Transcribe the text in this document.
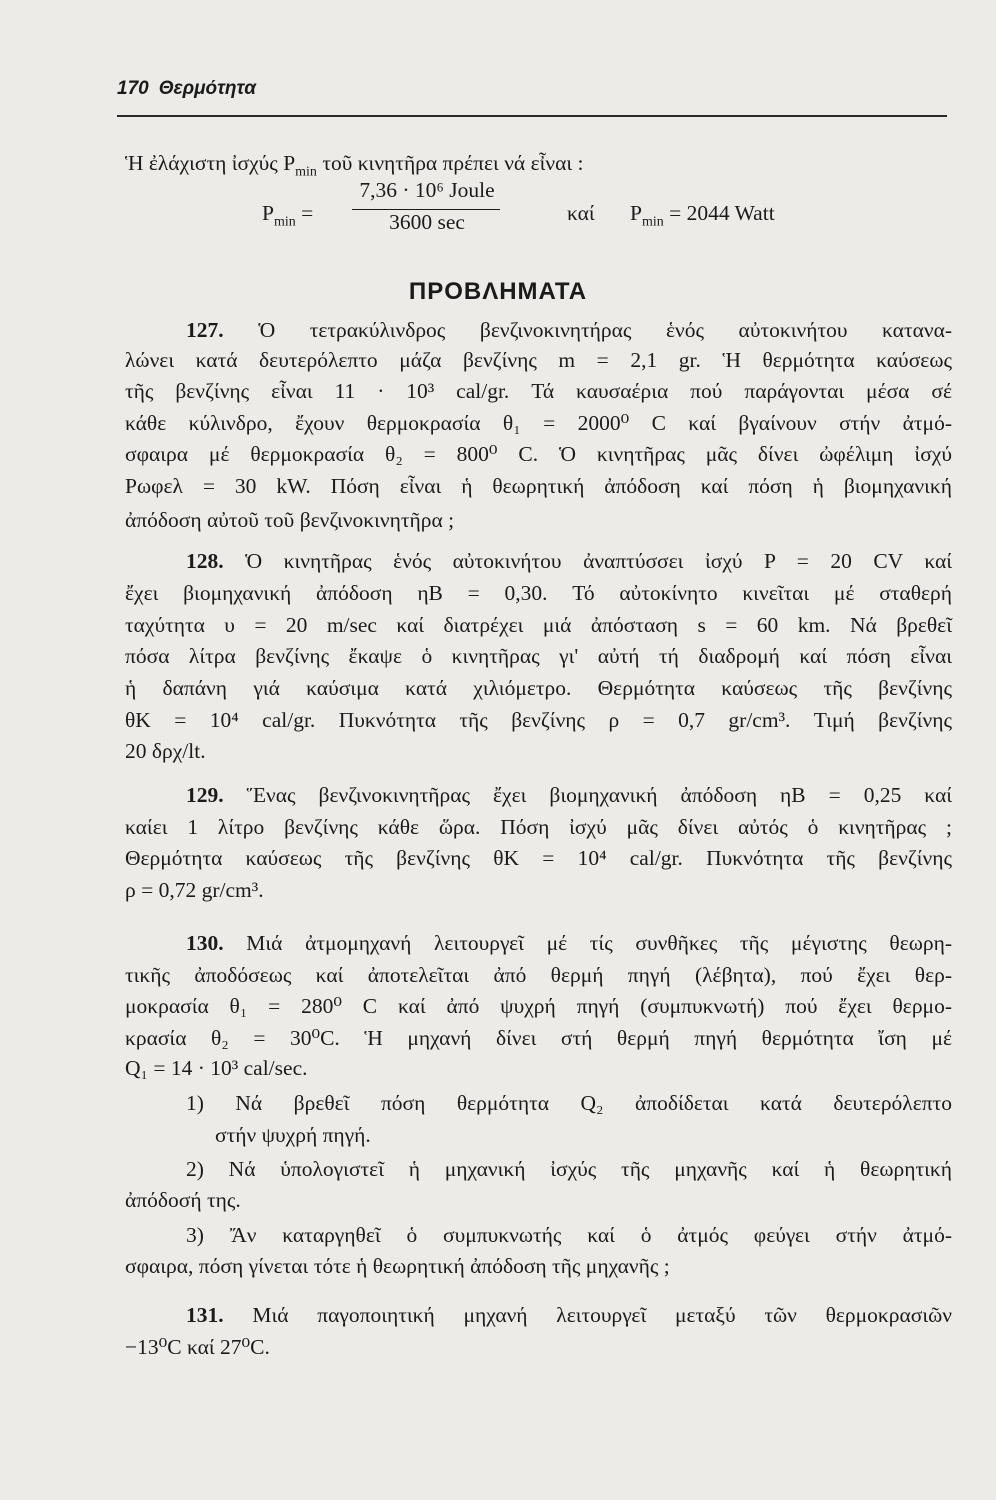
170 Θερμότητα
Ἡ ἐλάχιστη ἰσχύς $P_{min}$ τοῦ κινητῆρα πρέπει νά εἶναι :
$P_{min}$ =
7,36 · 10⁶ Joule
3600 sec	καί $P_{min} = 2044$ Watt
ΠΡΟΒΛΗΜΑΤΑ
127. Ὁ τετρακύλινδρος βενζινοκινητήρας ἑνός αὐτοκινήτου κατανα-
λώνει κατά δευτερόλεπτο μάζα βενζίνης m = 2,1 gr. Ἡ θερμότητα καύσεως
τῆς βενζίνης εἶναι 11 · 10³ cal/gr. Τά καυσαέρια πού παράγονται μέσα σέ
κάθε κύλινδρο, ἔχουν θερμοκρασία θ₁ = 2000⁰ C καί βγαίνουν στήν ἀτμό-
σφαιρα μέ θερμοκρασία θ₂ = 800⁰ C. Ὁ κινητῆρας μᾶς δίνει ὠφέλιμη ἰσχύ
Pωφελ = 30 kW. Πόση εἶναι ἡ θεωρητική ἀπόδοση καί πόση ἡ βιομηχανική
ἀπόδοση αὐτοῦ τοῦ βενζινοκινητῆρα ;
128. Ὁ κινητῆρας ἑνός αὐτοκινήτου ἀναπτύσσει ἰσχύ P = 20 CV καί
ἔχει βιομηχανική ἀπόδοση ηB = 0,30. Τό αὐτοκίνητο κινεῖται μέ σταθερή
ταχύτητα υ = 20 m/sec καί διατρέχει μιά ἀπόσταση s = 60 km. Νά βρεθεῖ
πόσα λίτρα βενζίνης ἔκαψε ὁ κινητῆρας γι' αὐτή τή διαδρομή καί πόση εἶναι
ἡ δαπάνη γιά καύσιμα κατά χιλιόμετρο. Θερμότητα καύσεως τῆς βενζίνης
θK = 10⁴ cal/gr. Πυκνότητα τῆς βενζίνης ρ = 0,7 gr/cm³. Τιμή βενζίνης
20 δρχ/lt.
129. Ἕνας βενζινοκινητῆρας ἔχει βιομηχανική ἀπόδοση ηB = 0,25 καί
καίει 1 λίτρο βενζίνης κάθε ὥρα. Πόση ἰσχύ μᾶς δίνει αὐτός ὁ κινητῆρας ;
Θερμότητα καύσεως τῆς βενζίνης θK = 10⁴ cal/gr. Πυκνότητα τῆς βενζίνης
ρ = 0,72 gr/cm³.
130. Μιά ἀτμομηχανή λειτουργεῖ μέ τίς συνθῆκες τῆς μέγιστης θεωρη-
τικῆς ἀποδόσεως καί ἀποτελεῖται ἀπό θερμή πηγή (λέβητα), πού ἔχει θερ-
μοκρασία θ₁ = 280⁰ C καί ἀπό ψυχρή πηγή (συμπυκνωτή) πού ἔχει θερμο-
κρασία θ₂ = 30⁰C. Ἡ μηχανή δίνει στή θερμή πηγή θερμότητα ἴση μέ
Q₁ = 14 · 10³ cal/sec.
1) Νά βρεθεῖ πόση θερμότητα Q₂ ἀποδίδεται κατά δευτερόλεπτο
στήν ψυχρή πηγή.
2) Νά ὑπολογιστεῖ ἡ μηχανική ἰσχύς τῆς μηχανῆς καί ἡ θεωρητική
ἀπόδοσή της.
3) Ἄν καταργηθεῖ ὁ συμπυκνωτής καί ὁ ἀτμός φεύγει στήν ἀτμό-
σφαιρα, πόση γίνεται τότε ἡ θεωρητική ἀπόδοση τῆς μηχανῆς ;
131. Μιά παγοποιητική μηχανή λειτουργεῖ μεταξύ τῶν θερμοκρασιῶν
−13⁰C καί 27⁰C.
